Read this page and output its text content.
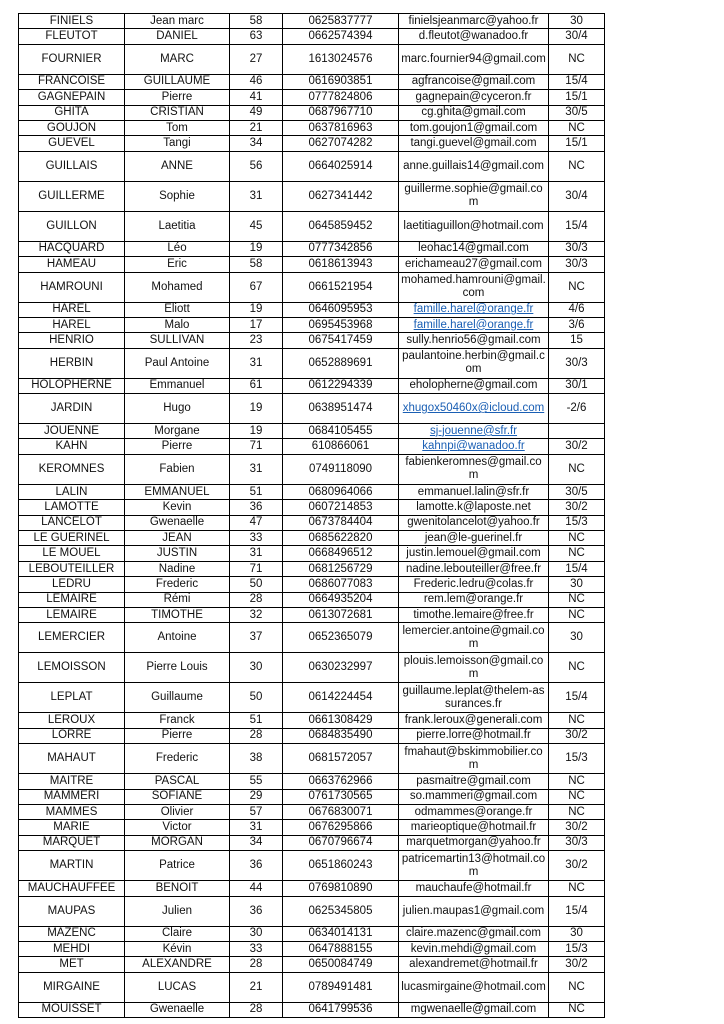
FINIELS	Jean marc	58	0625837777	finielsjeanmarc@yahoo.fr	30
FLEUTOT	DANIEL	63	0662574394	d.fleutot@wanadoo.fr	30/4
FOURNIER	MARC	27	1613024576	marc.fournier94@gmail.com	NC
FRANCOISE	GUILLAUME	46	0616903851	agfrancoise@gmail.com	15/4
GAGNEPAIN	Pierre	41	0777824806	gagnepain@cyceron.fr	15/1
GHITA	CRISTIAN	49	0687967710	cg.ghita@gmail.com	30/5
GOUJON	Tom	21	0637816963	tom.goujon1@gmail.com	NC
GUEVEL	Tangi	34	0627074282	tangi.guevel@gmail.com	15/1
GUILLAIS	ANNE	56	0664025914	anne.guillais14@gmail.com	NC
GUILLERME	Sophie	31	0627341442	guillerme.sophie@gmail.com	30/4
GUILLON	Laetitia	45	0645859452	laetitiaguillon@hotmail.com	15/4
HACQUARD	Léo	19	0777342856	leohac14@gmail.com	30/3
HAMEAU	Eric	58	0618613943	erichameau27@gmail.com	30/3
HAMROUNI	Mohamed	67	0661521954	mohamed.hamrouni@gmail.com	NC
HAREL	Eliott	19	0646095953	famille.harel@orange.fr	4/6
HAREL	Malo	17	0695453968	famille.harel@orange.fr	3/6
HENRIO	SULLIVAN	23	0675417459	sully.henrio56@gmail.com	15
HERBIN	Paul Antoine	31	0652889691	paulantoine.herbin@gmail.com	30/3
HOLOPHERNE	Emmanuel	61	0612294339	eholopherne@gmail.com	30/1
JARDIN	Hugo	19	0638951474	xhugox50460x@icloud.com	-2/6
JOUENNE	Morgane	19	0684105455	sj-jouenne@sfr.fr	
KAHN	Pierre	71	610866061	kahnpi@wanadoo.fr	30/2
KEROMNES	Fabien	31	0749118090	fabienkeromnes@gmail.com	NC
LALIN	EMMANUEL	51	0680964066	emmanuel.lalin@sfr.fr	30/5
LAMOTTE	Kevin	36	0607214853	lamotte.k@laposte.net	30/2
LANCELOT	Gwenaelle	47	0673784404	gwenitolancelot@yahoo.fr	15/3
LE GUERINEL	JEAN	33	0685622820	jean@le-guerinel.fr	NC
LE MOUEL	JUSTIN	31	0668496512	justin.lemouel@gmail.com	NC
LEBOUTEILLER	Nadine	71	0681256729	nadine.lebouteiller@free.fr	15/4
LEDRU	Frederic	50	0686077083	Frederic.ledru@colas.fr	30
LEMAIRE	Rémi	28	0664935204	rem.lem@orange.fr	NC
LEMAIRE	TIMOTHE	32	0613072681	timothe.lemaire@free.fr	NC
LEMERCIER	Antoine	37	0652365079	lemercier.antoine@gmail.com	30
LEMOISSON	Pierre Louis	30	0630232997	plouis.lemoisson@gmail.com	NC
LEPLAT	Guillaume	50	0614224454	guillaume.leplat@thelem-assurances.fr	15/4
LEROUX	Franck	51	0661308429	frank.leroux@generali.com	NC
LORRE	Pierre	28	0684835490	pierre.lorre@hotmail.fr	30/2
MAHAUT	Frederic	38	0681572057	fmahaut@bskimmobilier.com	15/3
MAITRE	PASCAL	55	0663762966	pasmaitre@gmail.com	NC
MAMMERI	SOFIANE	29	0761730565	so.mammeri@gmail.com	NC
MAMMES	Olivier	57	0676830071	odmammes@orange.fr	NC
MARIE	Victor	31	0676295866	marieoptique@hotmail.fr	30/2
MARQUET	MORGAN	34	0670796674	marquetmorgan@yahoo.fr	30/3
MARTIN	Patrice	36	0651860243	patricemartin13@hotmail.com	30/2
MAUCHAUFFEE	BENOIT	44	0769810890	mauchaufe@hotmail.fr	NC
MAUPAS	Julien	36	0625345805	julien.maupas1@gmail.com	15/4
MAZENC	Claire	30	0634014131	claire.mazenc@gmail.com	30
MEHDI	Kévin	33	0647888155	kevin.mehdi@gmail.com	15/3
MET	ALEXANDRE	28	0650084749	alexandremet@hotmail.fr	30/2
MIRGAINE	LUCAS	21	0789491481	lucasmirgaine@hotmail.com	NC
MOUISSET	Gwenaelle	28	0641799536	mgwenaelle@gmail.com	NC
